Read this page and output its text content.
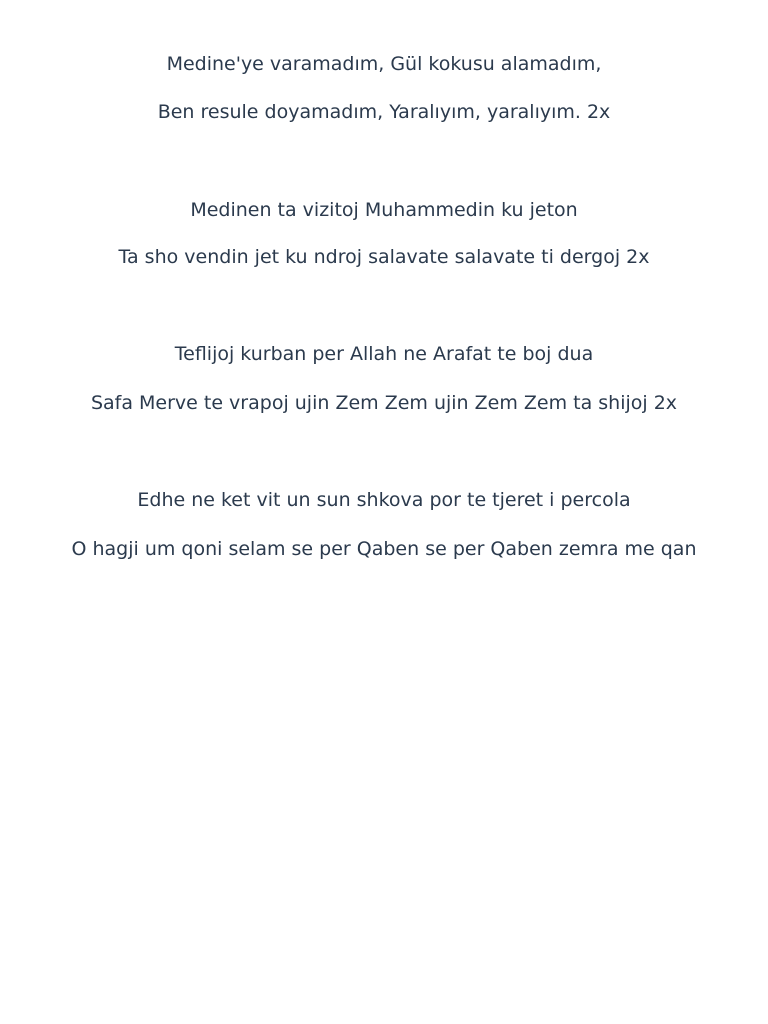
Medine'ye varamadım, Gül kokusu alamadım,
Ben resule doyamadım, Yaralıyım, yaralıyım. 2x
Medinen ta vizitoj Muhammedin ku jeton
Ta sho vendin jet ku ndroj salavate salavate ti dergoj 2x
Teflijoj kurban per Allah ne Arafat te boj dua
Safa Merve te vrapoj ujin Zem Zem ujin Zem Zem ta shijoj 2x
Edhe ne ket vit un sun shkova por te tjeret i percola
O hagji um qoni selam se per Qaben se per Qaben zemra me qan
